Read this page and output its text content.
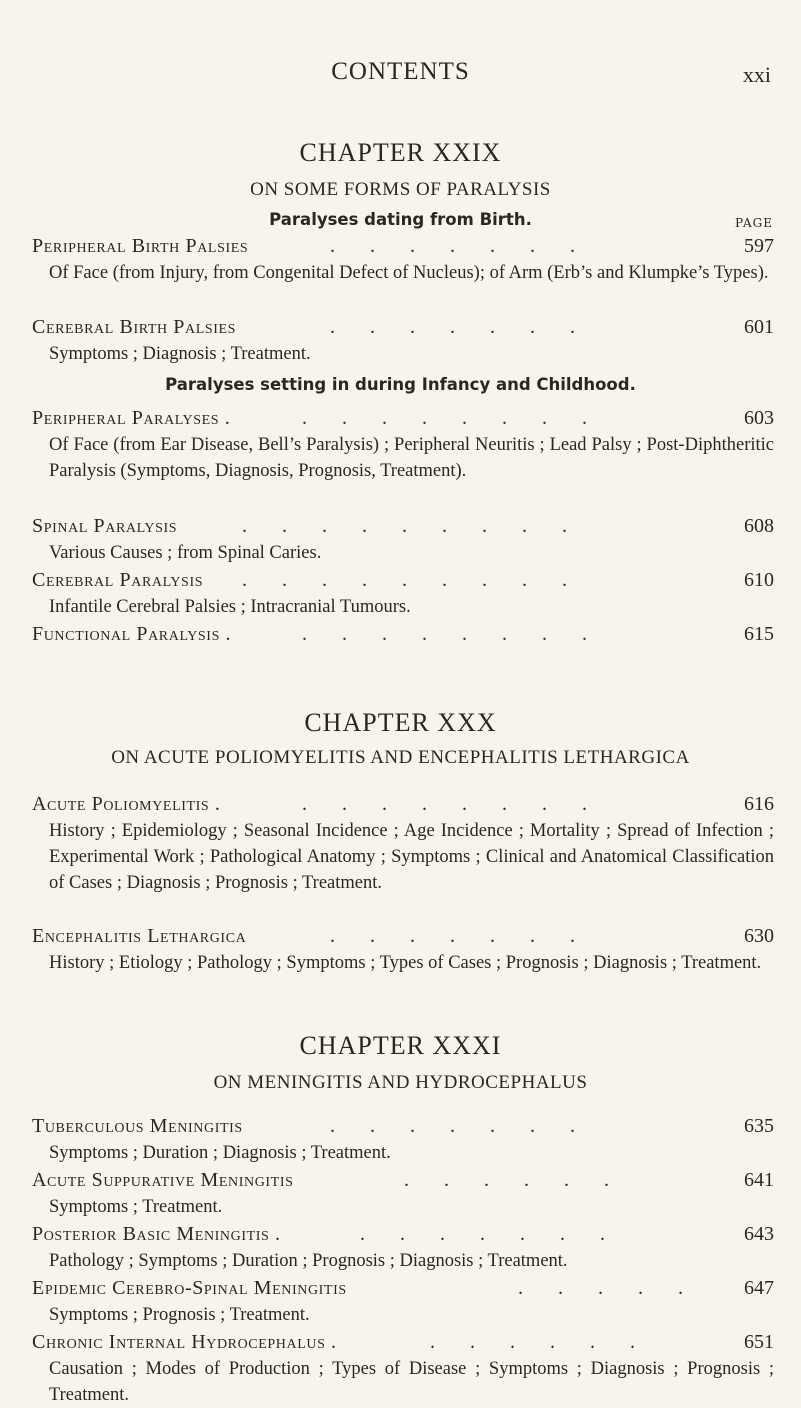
CONTENTS	xxi

CHAPTER XXIX

ON SOME FORMS OF PARALYSIS

Paralyses dating from Birth.	PAGE
Peripheral Birth Palsies	.       .       .       .       .       .       .	597
Of Face (from Injury, from Congenital Defect of Nucleus); of Arm (Erb’s and Klumpke’s Types).
Cerebral Birth Palsies	.       .       .       .       .       .       .	601
Symptoms ; Diagnosis ; Treatment.
Paralyses setting in during Infancy and Childhood.
Peripheral Paralyses .	.       .       .       .       .       .       .       .	603
Of Face (from Ear Disease, Bell’s Paralysis) ; Peripheral Neuritis ; Lead Palsy ; Post-Diphtheritic Paralysis (Symptoms, Diagnosis, Prognosis, Treatment).
Spinal Paralysis	.       .       .       .       .       .       .       .       .	608
Various Causes ; from Spinal Caries.
Cerebral Paralysis .       .       .       .       .       .       .       .       .	610
Infantile Cerebral Palsies ; Intracranial Tumours.
Functional Paralysis .	.       .       .       .       .       .       .       .	615

CHAPTER XXX

ON ACUTE POLIOMYELITIS AND ENCEPHALITIS LETHARGICA

Acute Poliomyelitis .	.       .       .       .       .       .       .       .	616
History ; Epidemiology ; Seasonal Incidence ; Age Incidence ; Mortality ; Spread of Infection ; Experimental Work ; Pathological Anatomy ; Symptoms ; Clinical and Anatomical Classification of Cases ; Diagnosis ; Prognosis ; Treatment.
Encephalitis Lethargica	.       .       .       .       .       .       .	630
History ; Etiology ; Pathology ; Symptoms ; Types of Cases ; Prognosis ; Diagnosis ; Treatment.

CHAPTER XXXI

ON MENINGITIS AND HYDROCEPHALUS

Tuberculous Meningitis	.       .       .       .       .       .       .	635
Symptoms ; Duration ; Diagnosis ; Treatment.
Acute Suppurative Meningitis	.       .       .       .       .       .	641
Symptoms ; Treatment.
Posterior Basic Meningitis .	.       .       .       .       .       .       .	643
Pathology ; Symptoms ; Duration ; Prognosis ; Diagnosis ; Treatment.
Epidemic Cerebro-Spinal Meningitis	.       .       .       .       .	647
Symptoms ; Prognosis ; Treatment.
Chronic Internal Hydrocephalus .	.       .       .       .       .       .	651
Causation ; Modes of Production ; Types of Disease ; Symptoms ; Diagnosis ; Prognosis ; Treatment.
